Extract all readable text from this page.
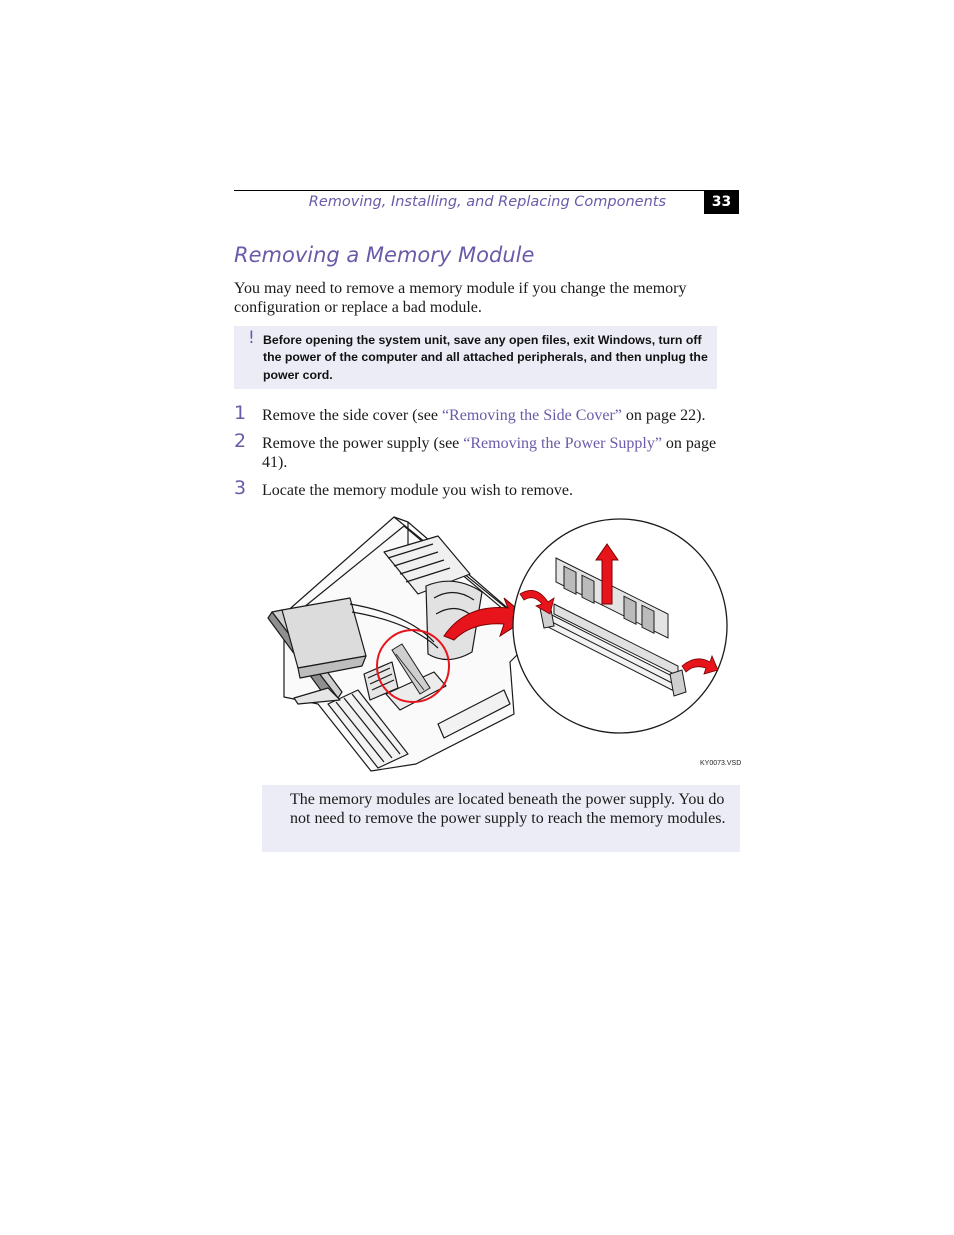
Removing, Installing, and Replacing Components	33
Removing a Memory Module

You may need to remove a memory module if you change the memory configuration or replace a bad module.

! Before opening the system unit, save any open files, exit Windows, turn off the power of the computer and all attached peripherals, and then unplug the power cord.

1 Remove the side cover (see “Removing the Side Cover” on page 22).

2 Remove the power supply (see “Removing the Power Supply” on page 41).

3 Locate the memory module you wish to remove.

KY0073.VSD

The memory modules are located beneath the power supply. You do not need to remove the power supply to reach the memory modules.
